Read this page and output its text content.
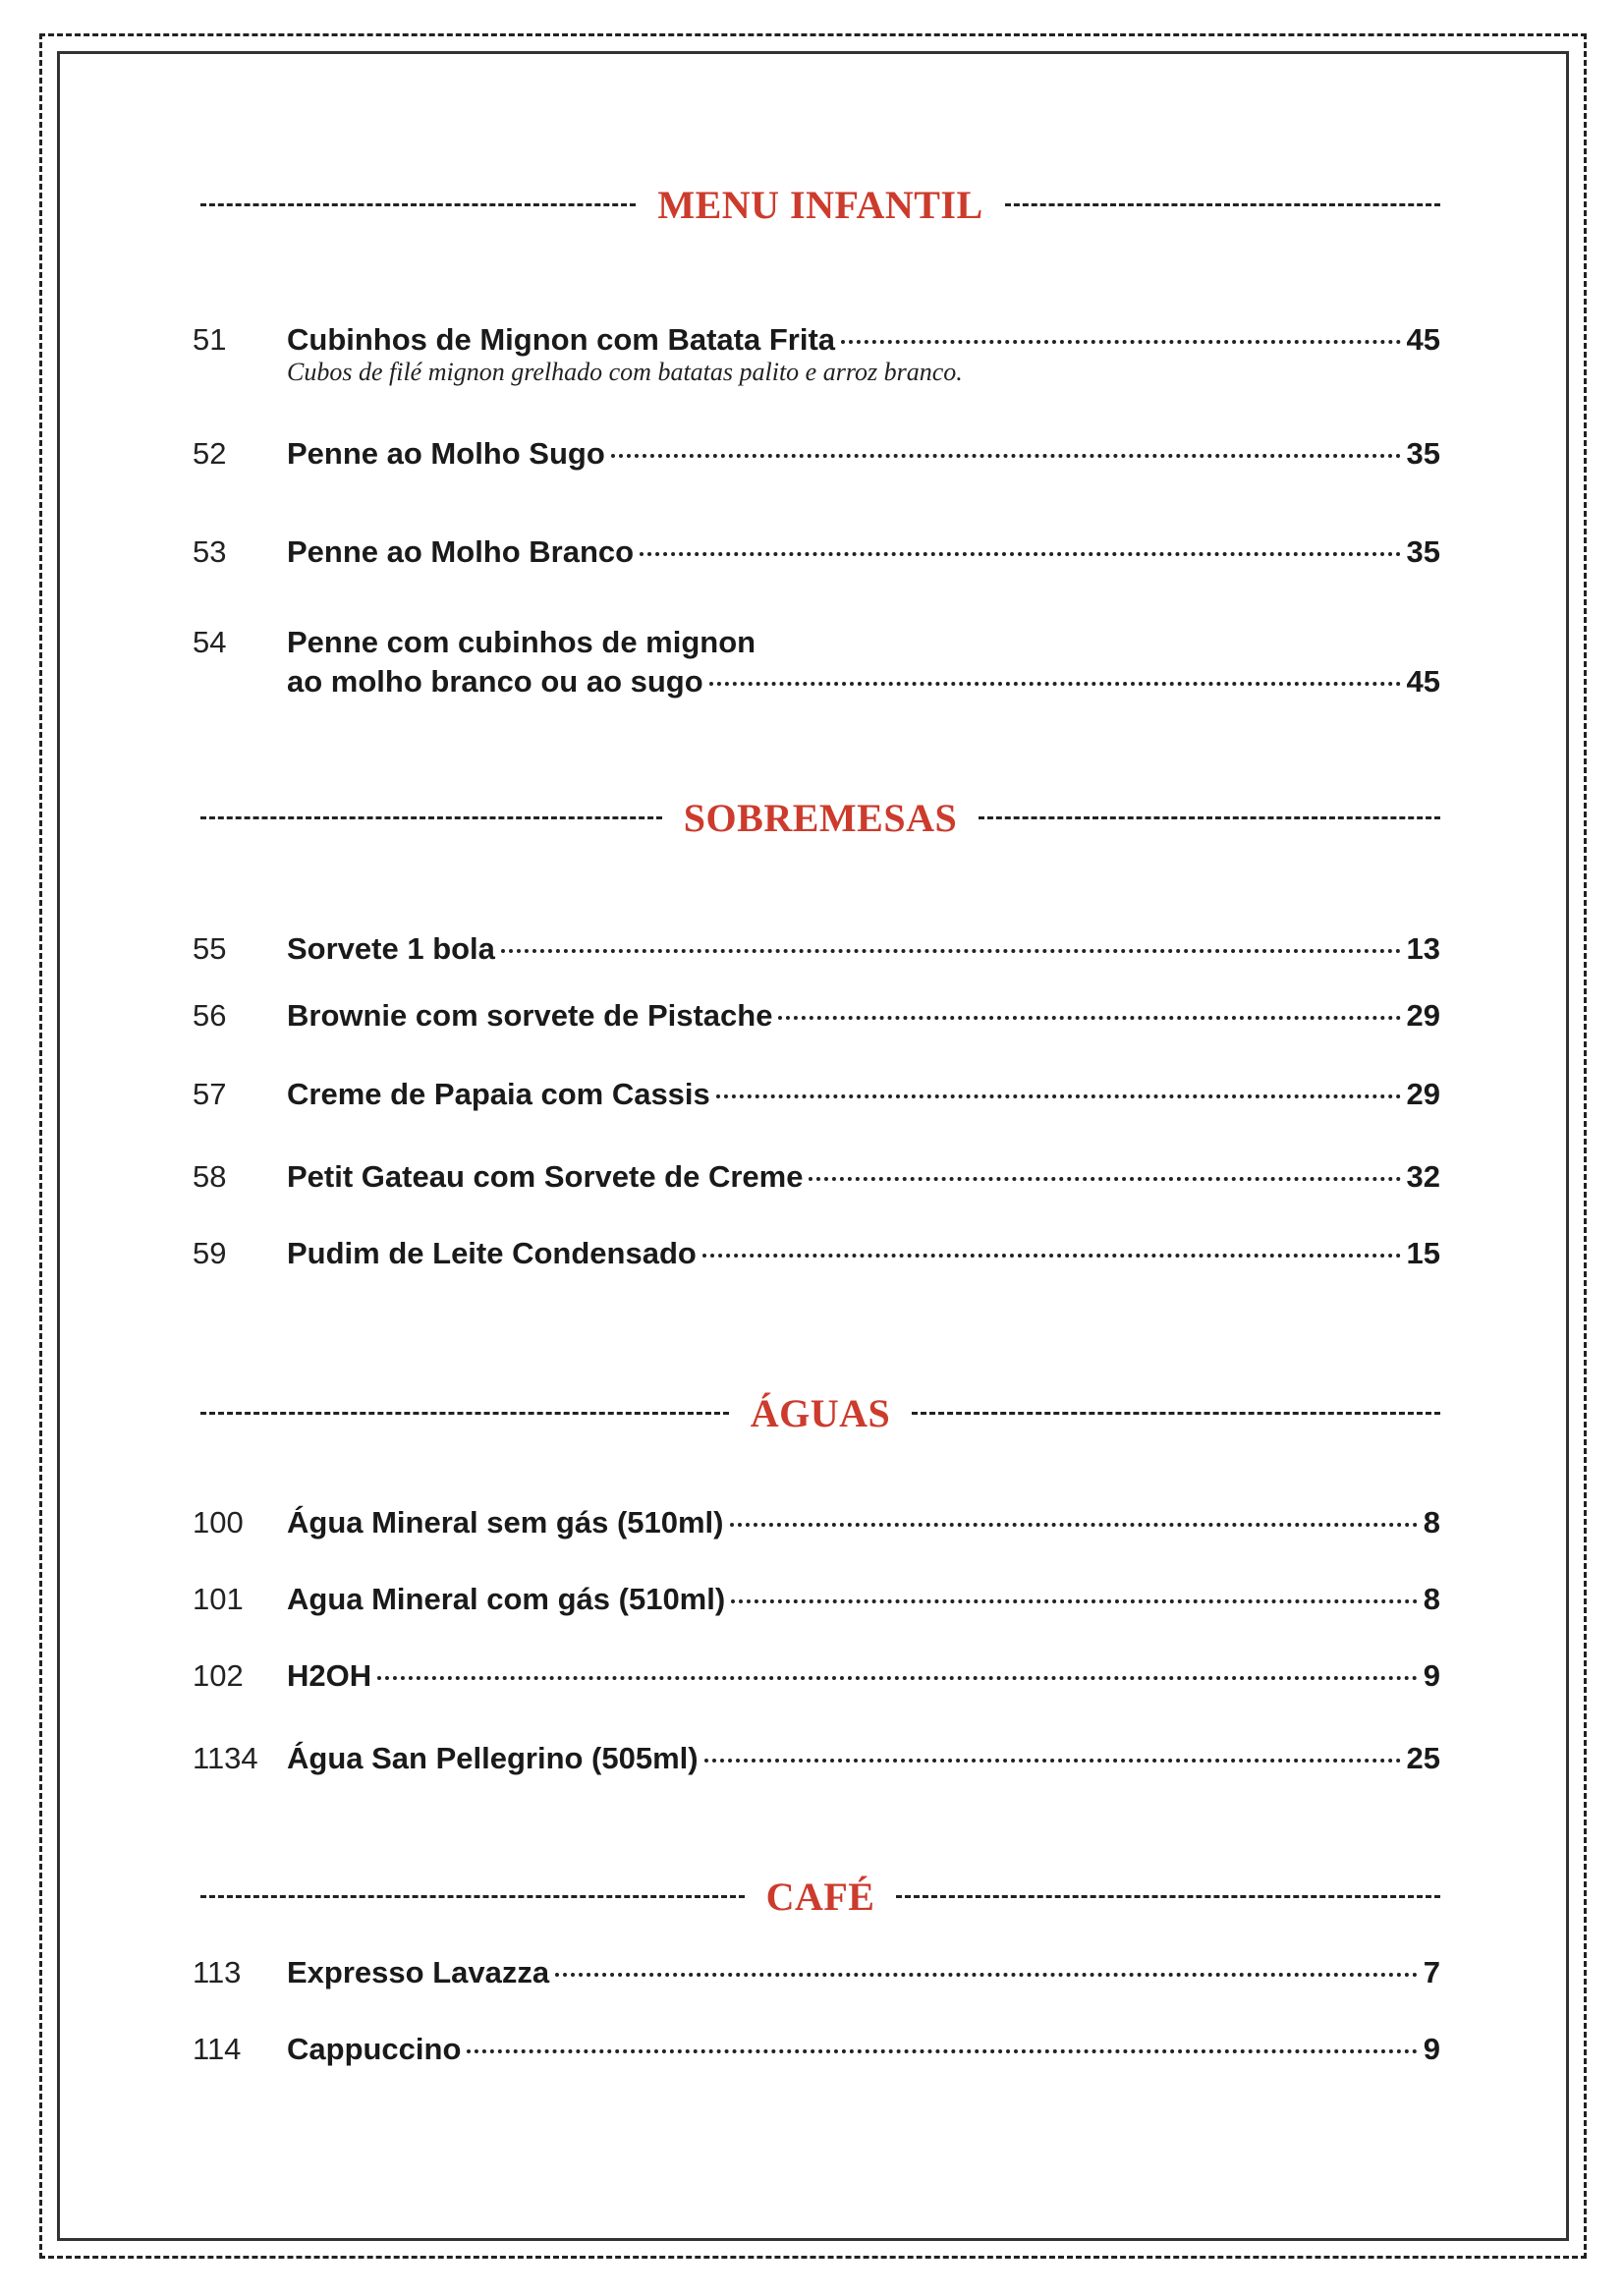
MENU INFANTIL
51 Cubinhos de Mignon com Batata Frita	45
Cubos de filé mignon grelhado com batatas palito e arroz branco.
52 Penne ao Molho Sugo	35
53 Penne ao Molho Branco	35
54 Penne com cubinhos de mignon
ao molho branco ou ao sugo	45
SOBREMESAS
55 Sorvete 1 bola	13
56 Brownie com sorvete de Pistache	29
57 Creme de Papaia com Cassis	29
58 Petit Gateau com Sorvete de Creme	32
59 Pudim de Leite Condensado	15
ÁGUAS
100 Água Mineral sem gás (510ml)	8
101 Agua Mineral com gás (510ml)	8
102 H2OH	9
1134 Água San Pellegrino (505ml)	25
CAFÉ
113 Expresso Lavazza	7
114 Cappuccino	9
